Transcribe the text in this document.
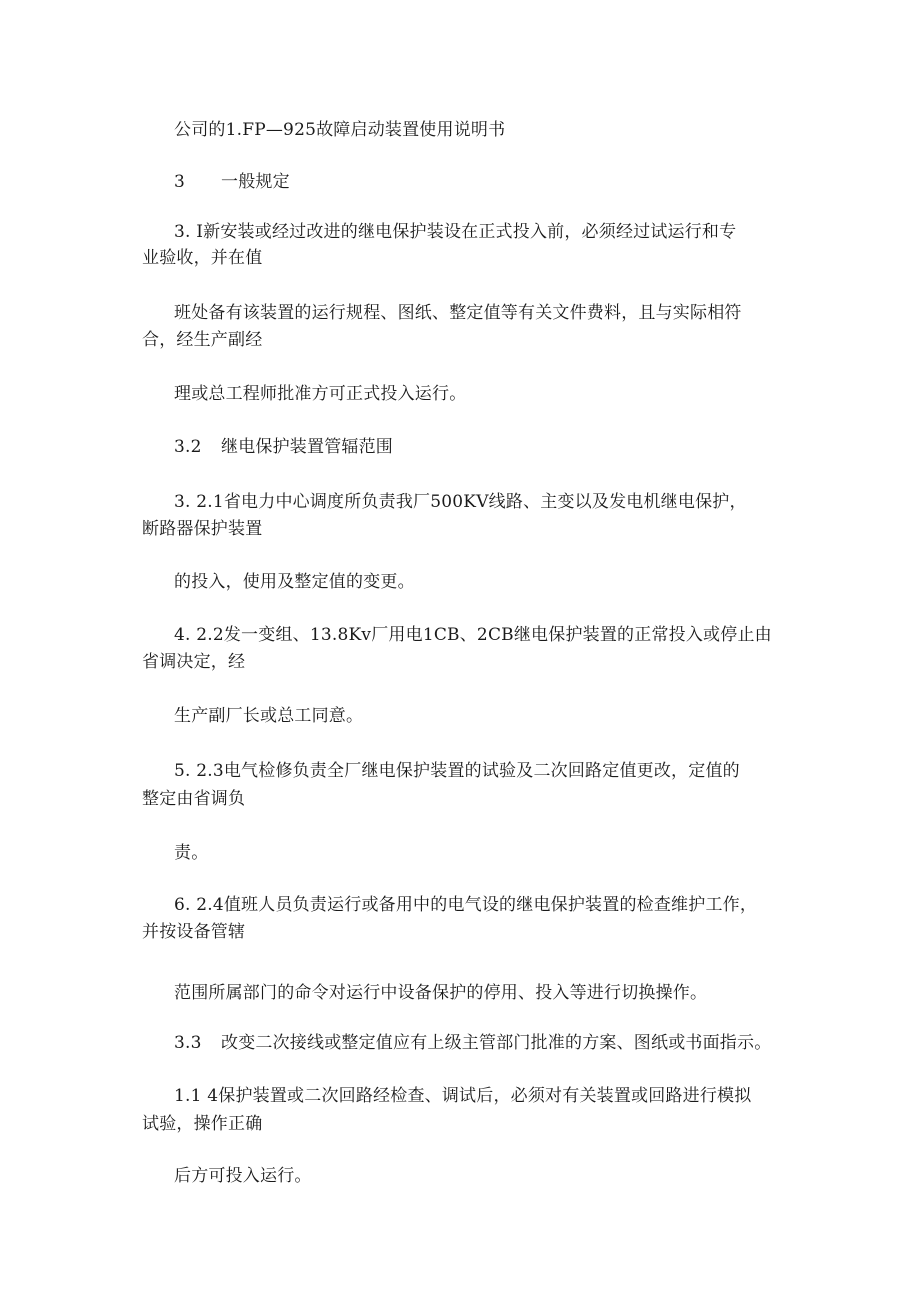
公司的1.FP—925故障启动装置使用说明书
3 一般规定
3. I新安装或经过改进的继电保护装设在正式投入前，必须经过试运行和专
业验收，并在值
班处备有该装置的运行规程、图纸、整定值等有关文件费料，且与实际相符
合，经生产副经
理或总工程师批准方可正式投入运行。
3.2 继电保护装置管辐范围
3. 2.1省电力中心调度所负责我厂500KV线路、主变以及发电机继电保护，
断路器保护装置
的投入，使用及整定值的变更。
4. 2.2发一变组、13.8Kv厂用电1CB、2CB继电保护装置的正常投入或停止由
省调决定，经
生产副厂长或总工同意。
5. 2.3电气检修负责全厂继电保护装置的试验及二次回路定值更改，定值的
整定由省调负
责。
6. 2.4值班人员负责运行或备用中的电气设的继电保护装置的检查维护工作，
并按设备管辖
范围所属部门的命令对运行中设备保护的停用、投入等进行切换操作。
3.3 改变二次接线或整定值应有上级主管部门批准的方案、图纸或书面指示。
1.1 4保护装置或二次回路经检查、调试后，必须对有关装置或回路进行模拟
试验，操作正确
后方可投入运行。
